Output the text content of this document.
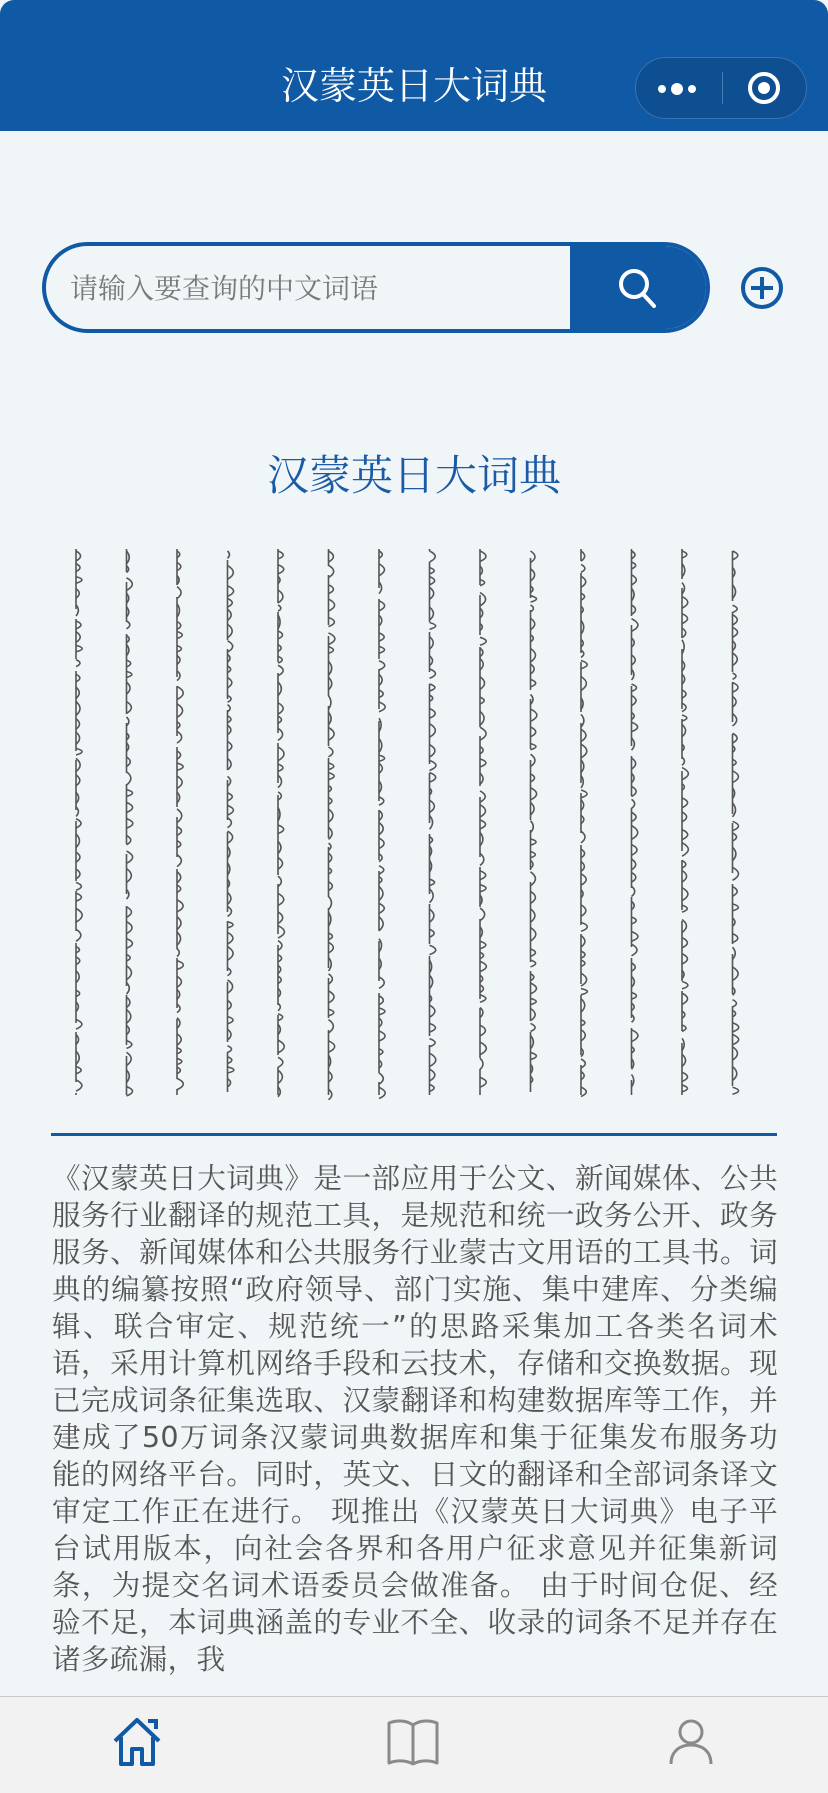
汉蒙英日大词典
请输入要查询的中文词语
汉蒙英日大词典
《汉蒙英日大词典》是一部应用于公文、新闻媒体、公共服务行业翻译的规范工具，是规范和统一政务公开、政务服务、新闻媒体和公共服务行业蒙古文用语的工具书。词典的编纂按照“政府领导、部门实施、集中建库、分类编辑、联合审定、规范统一”的思路采集加工各类名词术语，采用计算机网络手段和云技术，存储和交换数据。现已完成词条征集选取、汉蒙翻译和构建数据库等工作，并建成了50万词条汉蒙词典数据库和集于征集发布服务功能的网络平台。同时，英文、日文的翻译和全部词条译文审定工作正在进行。 现推出《汉蒙英日大词典》电子平台试用版本，向社会各界和各用户征求意见并征集新词条，为提交名词术语委员会做准备。 由于时间仓促、经验不足，本词典涵盖的专业不全、收录的词条不足并存在诸多疏漏，我
